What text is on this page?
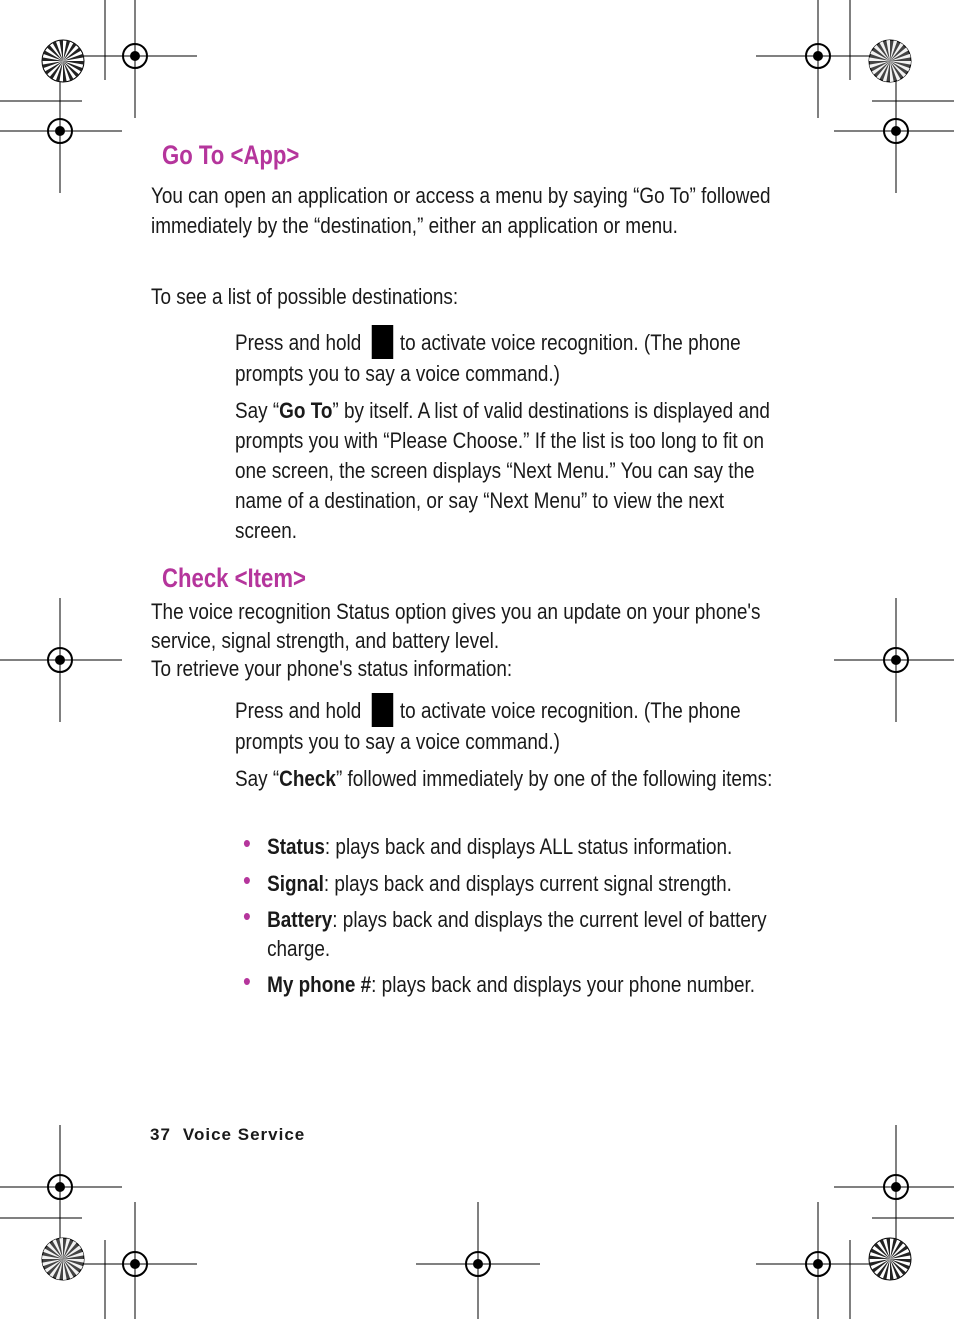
Go To <App>

You can open an application or access a menu by saying “Go To” followed immediately by the “destination,” either an application or menu.

To see a list of possible destinations:

Press and hold to activate voice recognition. (The phone prompts you to say a voice command.)

Say “Go To” by itself. A list of valid destinations is displayed and prompts you with “Please Choose.” If the list is too long to fit on one screen, the screen displays “Next Menu.” You can say the name of a destination, or say “Next Menu” to view the next screen.

Check <Item>

The voice recognition Status option gives you an update on your phone's service, signal strength, and battery level.

To retrieve your phone's status information:

Press and hold to activate voice recognition. (The phone prompts you to say a voice command.)

Say “Check” followed immediately by one of the following items:

• Status: plays back and displays ALL status information.
• Signal: plays back and displays current signal strength.
• Battery: plays back and displays the current level of battery charge.
• My phone #: plays back and displays your phone number.
37 Voice Service
